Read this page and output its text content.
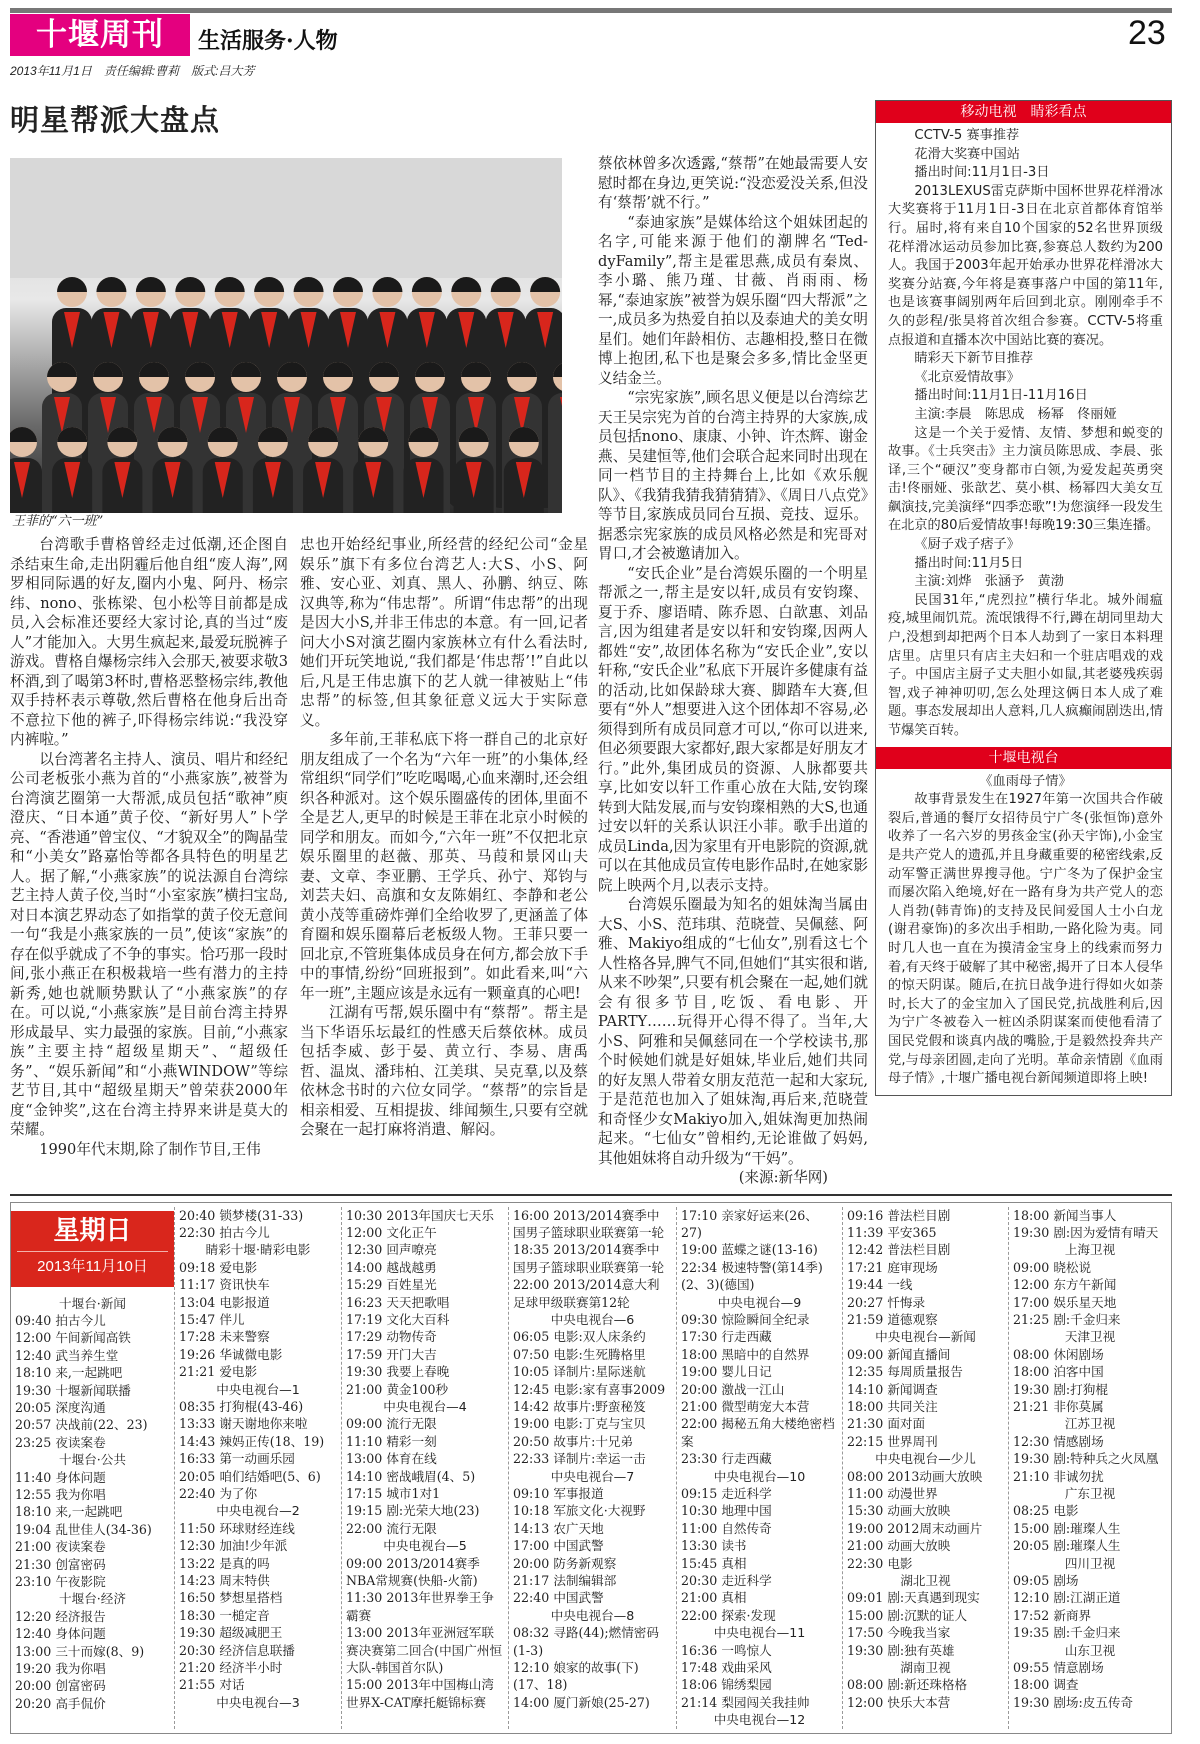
十堰周刊	生活服务·人物	23
2013年11月1日　责任编辑:曹莉　版式:吕大芳
明星帮派大盘点
王菲的“六一班”

台湾歌手曹格曾经走过低潮,还企图自杀结束生命,走出阴霾后他自组“废人海”,网罗相同际遇的好友,圈内小鬼、阿丹、杨宗纬、nono、张栋梁、包小松等目前都是成员,入会标准还要经大家讨论,真的当过“废人”才能加入。大男生疯起来,最爱玩脱裤子游戏。曹格自爆杨宗纬入会那天,被要求敬3杯酒,到了喝第3杯时,曹格恶整杨宗纬,教他双手持杯表示尊敬,然后曹格在他身后出奇不意拉下他的裤子,吓得杨宗纬说:“我没穿内裤啦。”

以台湾著名主持人、演员、唱片和经纪公司老板张小燕为首的“小燕家族”,被誉为台湾演艺圈第一大帮派,成员包括“歌神”庾澄庆、“日本通”黄子佼、“新好男人”卜学亮、“香港通”曾宝仪、“才貌双全”的陶晶莹和“小美女”路嘉怡等都各具特色的明星艺人。据了解,“小燕家族”的说法源自台湾综艺主持人黄子佼,当时“小室家族”横扫宝岛,对日本演艺界动态了如指掌的黄子佼无意间一句“我是小燕家族的一员”,使该“家族”的存在似乎就成了不争的事实。恰巧那一段时间,张小燕正在积极栽培一些有潜力的主持新秀,她也就顺势默认了“小燕家族”的存在。可以说,“小燕家族”是目前台湾主持界形成最早、实力最强的家族。目前,“小燕家族”主要主持“超级星期天”、“超级任务”、“娱乐新闻”和“小燕WINDOW”等综艺节目,其中“超级星期天”曾荣获2000年度“金钟奖”,这在台湾主持界来讲是莫大的荣耀。

1990年代末期,除了制作节目,王伟

忠也开始经纪事业,所经营的经纪公司“金星娱乐”旗下有多位台湾艺人:大S、小S、阿雅、安心亚、刘真、黑人、孙鹏、纳豆、陈汉典等,称为“伟忠帮”。所谓“伟忠帮”的出现是因大小S,并非王伟忠的本意。有一回,记者问大小S对演艺圈内家族林立有什么看法时,她们开玩笑地说,“我们都是‘伟忠帮’!”自此以后,凡是王伟忠旗下的艺人就一律被贴上“伟忠帮”的标签,但其象征意义远大于实际意义。

多年前,王菲私底下将一群自己的北京好朋友组成了一个名为“六年一班”的小集体,经常组织“同学们”吃吃喝喝,心血来潮时,还会组织各种派对。这个娱乐圈盛传的团体,里面不全是艺人,更早的时候是王菲在北京小时候的同学和朋友。而如今,“六年一班”不仅把北京娱乐圈里的赵薇、那英、马葭和景冈山夫妻、文章、李亚鹏、王学兵、孙宁、郑钧与刘芸夫妇、高旗和女友陈娟红、李静和老公黄小茂等重磅炸弹们全给收罗了,更涵盖了体育圈和娱乐圈幕后老板级人物。王菲只要一回北京,不管班集体成员身在何方,都会放下手中的事情,纷纷“回班报到”。如此看来,叫“六年一班”,主题应该是永远有一颗童真的心吧!

江湖有丐帮,娱乐圈中有“蔡帮”。帮主是当下华语乐坛最红的性感天后蔡依林。成员包括李威、彭于晏、黄立行、李易、唐禹哲、温岚、潘玮柏、江美琪、吴克羣,以及蔡依林念书时的六位女同学。“蔡帮”的宗旨是相亲相爱、互相提拔、绯闻频生,只要有空就会聚在一起打麻将消遣、解闷。

蔡依林曾多次透露,“蔡帮”在她最需要人安慰时都在身边,更笑说:“没恋爱没关系,但没有‘蔡帮’就不行。”

“泰迪家族”是媒体给这个姐妹团起的名字,可能来源于他们的潮牌名“Ted-dyFamily”,帮主是霍思燕,成员有秦岚、李小璐、熊乃瑾、甘薇、肖雨雨、杨幂,“泰迪家族”被誉为娱乐圈“四大帮派”之一,成员多为热爱自拍以及泰迪犬的美女明星们。她们年龄相仿、志趣相投,整日在微博上抱团,私下也是聚会多多,情比金坚更义结金兰。

“宗宪家族”,顾名思义便是以台湾综艺天王吴宗宪为首的台湾主持界的大家族,成员包括nono、康康、小钟、许杰辉、谢金燕、吴建恒等,他们会联合起来同时出现在同一档节目的主持舞台上,比如《欢乐舰队》、《我猜我猜我猜猜猜》、《周日八点党》等节目,家族成员同台互损、竞技、逗乐。据悉宗宪家族的成员风格必然是和宪哥对胃口,才会被邀请加入。

“安氏企业”是台湾娱乐圈的一个明星帮派之一,帮主是安以轩,成员有安钧璨、夏于乔、廖语晴、陈乔恩、白歆惠、刘品言,因为组建者是安以轩和安钧璨,因两人都姓“安”,故团体名称为“安氏企业”,安以轩称,“安氏企业”私底下开展许多健康有益的活动,比如保龄球大赛、脚踏车大赛,但要有“外人”想要进入这个团体却不容易,必须得到所有成员同意才可以,“你可以进来,但必须要跟大家都好,跟大家都是好朋友才行。”此外,集团成员的资源、人脉都要共享,比如安以轩工作重心放在大陆,安钧璨转到大陆发展,而与安钧璨相熟的大S,也通过安以轩的关系认识汪小菲。歌手出道的成员Linda,因为家里有开电影院的资源,就可以在其他成员宣传电影作品时,在她家影院上映两个月,以表示支持。

台湾娱乐圈最为知名的姐妹淘当属由大S、小S、范玮琪、范晓萱、吴佩慈、阿雅、Makiyo组成的“七仙女”,别看这七个人性格各异,脾气不同,但她们“其实很和谐,从来不吵架”,只要有机会聚在一起,她们就会有很多节目,吃饭、看电影、开PARTY……玩得开心得不得了。当年,大小S、阿雅和吴佩慈同在一个学校读书,那个时候她们就是好姐妹,毕业后,她们共同的好友黑人带着女朋友范范一起和大家玩,于是范范也加入了姐妹淘,再后来,范晓萱和奇怪少女Makiyo加入,姐妹淘更加热闹起来。“七仙女”曾相约,无论谁做了妈妈,其他姐妹将自动升级为“干妈”。

(来源:新华网)

移动电视　睛彩看点
CCTV-5 赛事推荐
花滑大奖赛中国站
播出时间:11月1日-3日
2013LEXUS雷克萨斯中国杯世界花样滑冰大奖赛将于11月1日-3日在北京首都体育馆举行。届时,将有来自10个国家的52名世界顶级花样滑冰运动员参加比赛,参赛总人数约为200人。我国于2003年起开始承办世界花样滑冰大奖赛分站赛,今年将是赛事落户中国的第11年,也是该赛事阔别两年后回到北京。刚刚牵手不久的彭程/张昊将首次组合参赛。CCTV-5将重点报道和直播本次中国站比赛的赛况。
睛彩天下新节目推荐
《北京爱情故事》
播出时间:11月1日-11月16日
主演:李晨　陈思成　杨幂　佟丽娅
这是一个关于爱情、友情、梦想和蜕变的故事。《士兵突击》主力演员陈思成、李晨、张译,三个“硬汉”变身都市白领,为爱发起英勇突击!佟丽娅、张歆艺、莫小棋、杨幂四大美女互飙演技,完美演绎“四季恋歌”!为您演绎一段发生在北京的80后爱情故事!每晚19:30三集连播。
《厨子戏子痞子》
播出时间:11月5日
主演:刘烨　张涵予　黄渤
民国31年,“虎烈拉”横行华北。城外闹瘟疫,城里闹饥荒。流氓饿得不行,蹲在胡同里劫大户,没想到却把两个日本人劫到了一家日本料理店里。店里只有店主夫妇和一个驻店唱戏的戏子。中国店主厨子丈夫胆小如鼠,其老婆残疾弱智,戏子神神叨叨,怎么处理这俩日本人成了难题。事态发展却出人意料,几人疯癫闹剧迭出,情节爆笑百转。
十堰电视台
《血雨母子情》
故事背景发生在1927年第一次国共合作破裂后,普通的餐厅女招待员宁广冬(张恒饰)意外收养了一名六岁的男孩金宝(孙天宇饰),小金宝是共产党人的遗孤,并且身藏重要的秘密线索,反动军警正满世界搜寻他。宁广冬为了保护金宝而屡次陷入绝境,好在一路有身为共产党人的恋人肖勃(韩青饰)的支持及民间爱国人士小白龙(谢君豪饰)的多次出手相助,一路化险为夷。同时几人也一直在为摸清金宝身上的线索而努力着,有天终于破解了其中秘密,揭开了日本人侵华的惊天阴谋。随后,在抗日战争进行得如火如荼时,长大了的金宝加入了国民党,抗战胜利后,因为宁广冬被卷入一桩凶杀阴谋案而使他看清了国民党假和谈真内战的嘴脸,于是毅然投奔共产党,与母亲团圆,走向了光明。革命亲情剧《血雨母子情》,十堰广播电视台新闻频道即将上映!
星期日
2013年11月10日
十堰台·新闻
09:40 拍古今儿
12:00 午间新闻高铁
12:40 武当养生堂
18:10 来,一起跳吧
19:30 十堰新闻联播
20:05 深度沟通
20:57 决战前(22、23)
23:25 夜读案卷
十堰台·公共
11:40 身体问题
12:55 我为你唱
18:10 来,一起跳吧
19:04 乱世佳人(34-36)
21:00 夜读案卷
21:30 创富密码
23:10 午夜影院
十堰台·经济
12:20 经济报告
12:40 身体问题
13:00 三十而嫁(8、9)
19:20 我为你唱
20:00 创富密码
20:20 高手侃价
20:40 锁梦楼(31-33)
22:30 拍古今儿
睛彩十堰·睛彩电影
09:18 爱电影
11:17 资讯快车
13:04 电影报道
15:47 伴儿
17:28 未来警察
19:26 华诚微电影
21:21 爱电影
中央电视台—1
08:35 打狗棍(43-46)
13:33 谢天谢地你来啦
14:43 辣妈正传(18、19)
16:33 第一动画乐园
20:05 咱们结婚吧(5、6)
22:40 为了你
中央电视台—2
11:50 环球财经连线
12:30 加油!少年派
13:22 是真的吗
14:23 周末特供
16:50 梦想星搭档
18:30 一槌定音
19:30 超级减肥王
20:30 经济信息联播
21:20 经济半小时
21:55 对话
中央电视台—3
10:30 2013年国庆七天乐
12:00 文化正午
12:30 回声嘹亮
14:00 越战越勇
15:29 百姓星光
16:23 天天把歌唱
17:19 文化大百科
17:29 动物传奇
17:59 开门大吉
19:30 我要上春晚
21:00 黄金100秒
中央电视台—4
09:00 流行无限
11:10 精彩一刻
13:00 体育在线
14:10 密战峨眉(4、5)
17:15 城市1对1
19:15 剧:光荣大地(23)
22:00 流行无限
中央电视台—5
09:00 2013/2014赛季NBA常规赛(快船-火箭)
11:30 2013年世界拳王争霸赛
13:00 2013年亚洲冠军联赛决赛第二回合(中国广州恒大队-韩国首尔队)
15:00 2013年中国梅山湾世界X-CAT摩托艇锦标赛
16:00 2013/2014赛季中国男子篮球职业联赛第一轮
18:35 2013/2014赛季中国男子篮球职业联赛第一轮
22:00 2013/2014意大利足球甲级联赛第12轮
中央电视台—6
06:05 电影:双人床条约
07:50 电影:生死腾格里
10:05 译制片:星际迷航
12:45 电影:家有喜事2009
14:42 故事片:野蛮秘笈
19:00 电影:丁克与宝贝
20:50 故事片:十兄弟
22:33 译制片:幸运一击
中央电视台—7
09:10 军事报道
10:18 军旅文化·大视野
14:13 农广天地
17:00 中国武警
20:00 防务新观察
21:17 法制编辑部
22:40 中国武警
中央电视台—8
08:32 寻路(44);燃情密码(1-3)
12:10 娘家的故事(下)(17、18)
14:00 厦门新娘(25-27)
17:10 亲家好运来(26、27)
19:00 蓝蝶之谜(13-16)
22:34 极速特警(第14季)(2、3)(德国)
中央电视台—9
09:30 惊险瞬间全纪录
17:30 行走西藏
18:00 黑暗中的自然界
19:00 婴儿日记
20:00 激战一江山
21:00 微型萌宠大本营
22:00 揭秘五角大楼绝密档案
23:30 行走西藏
中央电视台—10
09:15 走近科学
10:30 地理中国
11:00 自然传奇
13:30 读书
15:45 真相
20:30 走近科学
21:00 真相
22:00 探索·发现
中央电视台—11
16:36 一鸣惊人
17:48 戏曲采风
18:06 锦绣梨园
21:14 梨园闯关我挂帅
中央电视台—12
09:16 普法栏目剧
11:39 平安365
12:42 普法栏目剧
17:21 庭审现场
19:44 一线
20:27 忏悔录
21:59 道德观察
中央电视台—新闻
09:00 新闻直播间
12:35 每周质量报告
14:10 新闻调查
18:00 共同关注
21:30 面对面
22:15 世界周刊
中央电视台—少儿
08:00 2013动画大放映
11:00 动漫世界
15:30 动画大放映
19:00 2012周末动画片
21:00 动画大放映
22:30 电影
湖北卫视
09:01 剧:天真遇到现实
15:00 剧:沉默的证人
17:50 今晚我当家
19:30 剧:独有英雄
湖南卫视
08:00 剧:新还珠格格
12:00 快乐大本营
18:00 新闻当事人
19:30 剧:因为爱情有晴天
上海卫视
09:00 晓松说
12:00 东方午新闻
17:00 娱乐星天地
21:25 剧:千金归来
天津卫视
08:00 休闲剧场
18:00 泊客中国
19:30 剧:打狗棍
21:21 非你莫属
江苏卫视
12:30 情感剧场
19:30 剧:特种兵之火凤凰
21:10 非诚勿扰
广东卫视
08:25 电影
15:00 剧:璀璨人生
20:05 剧:璀璨人生
四川卫视
09:05 剧场
12:10 剧:江湖正道
17:52 新商界
19:35 剧:千金归来
山东卫视
09:55 情意剧场
18:00 调查
19:30 剧场:皮五传奇
